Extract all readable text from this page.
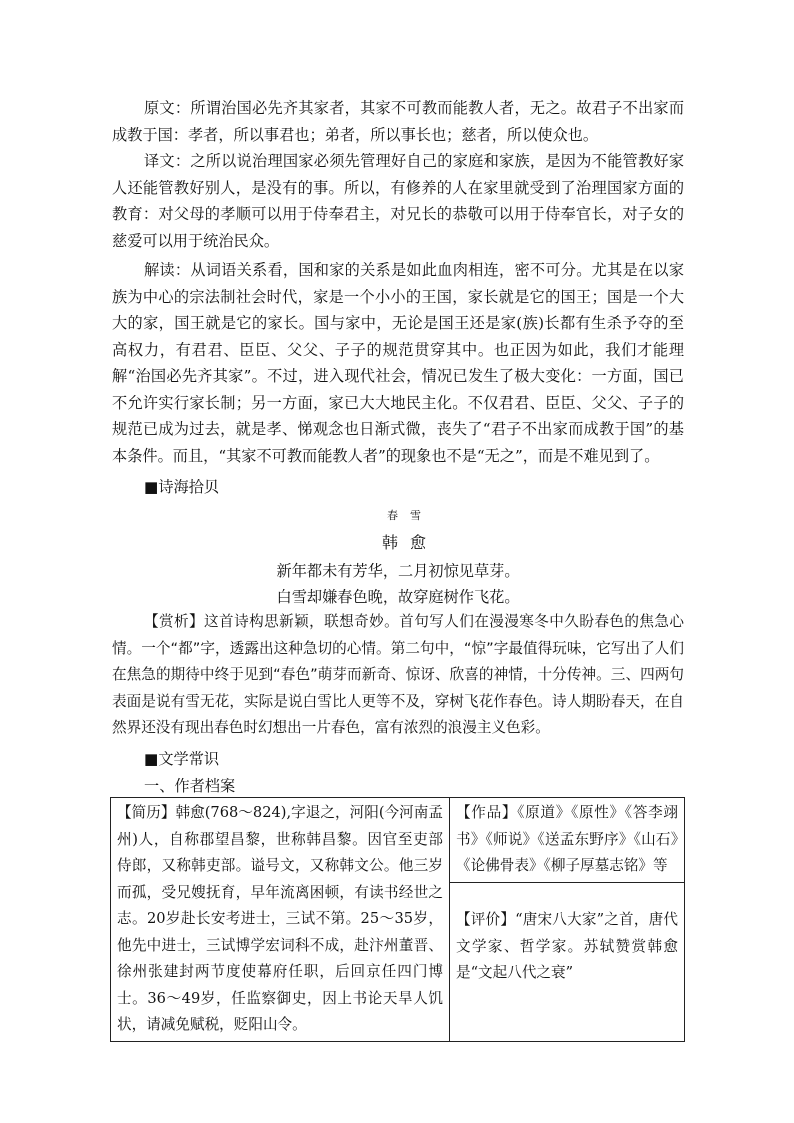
原文：所谓治国必先齐其家者，其家不可教而能教人者，无之。故君子不出家而成教于国：孝者，所以事君也；弟者，所以事长也；慈者，所以使众也。

译文：之所以说治理国家必须先管理好自己的家庭和家族，是因为不能管教好家人还能管教好别人，是没有的事。所以，有修养的人在家里就受到了治理国家方面的教育：对父母的孝顺可以用于侍奉君主，对兄长的恭敬可以用于侍奉官长，对子女的慈爱可以用于统治民众。

解读：从词语关系看，国和家的关系是如此血肉相连，密不可分。尤其是在以家族为中心的宗法制社会时代，家是一个小小的王国，家长就是它的国王；国是一个大大的家，国王就是它的家长。国与家中，无论是国王还是家(族)长都有生杀予夺的至高权力，有君君、臣臣、父父、子子的规范贯穿其中。也正因为如此，我们才能理解“治国必先齐其家”。不过，进入现代社会，情况已发生了极大变化：一方面，国已不允许实行家长制；另一方面，家已大大地民主化。不仅君君、臣臣、父父、子子的规范已成为过去，就是孝、悌观念也日渐式微，丧失了“君子不出家而成教于国”的基本条件。而且，“其家不可教而能教人者”的现象也不是“无之”，而是不难见到了。

■诗海拾贝

春雪

韩愈

新年都未有芳华，二月初惊见草芽。

白雪却嫌春色晚，故穿庭树作飞花。

【赏析】这首诗构思新颖，联想奇妙。首句写人们在漫漫寒冬中久盼春色的焦急心情。一个“都”字，透露出这种急切的心情。第二句中，“惊”字最值得玩味，它写出了人们在焦急的期待中终于见到“春色”萌芽而新奇、惊讶、欣喜的神情，十分传神。三、四两句表面是说有雪无花，实际是说白雪比人更等不及，穿树飞花作春色。诗人期盼春天，在自然界还没有现出春色时幻想出一片春色，富有浓烈的浪漫主义色彩。

■文学常识

一、作者档案

【简历】韩愈(768～824),字退之，河阳(今河南孟州)人，自称郡望昌黎，世称韩昌黎。因官至吏部侍郎，又称韩吏部。谥号文，又称韩文公。他三岁而孤，受兄嫂抚育，早年流离困顿，有读书经世之志。20岁赴长安考进士，三试不第。25～35岁，他先中进士，三试博学宏词科不成，赴汴州董晋、徐州张建封两节度使幕府任职，后回京任四门博士。36～49岁，任监察御史，因上书论天旱人饥状，请减免赋税，贬阳山令。

【作品】《原道》《原性》《答李翊书》《师说》《送孟东野序》《山石》《论佛骨表》《柳子厚墓志铭》等

【评价】“唐宋八大家”之首，唐代文学家、哲学家。苏轼赞赏韩愈是“文起八代之衰”
